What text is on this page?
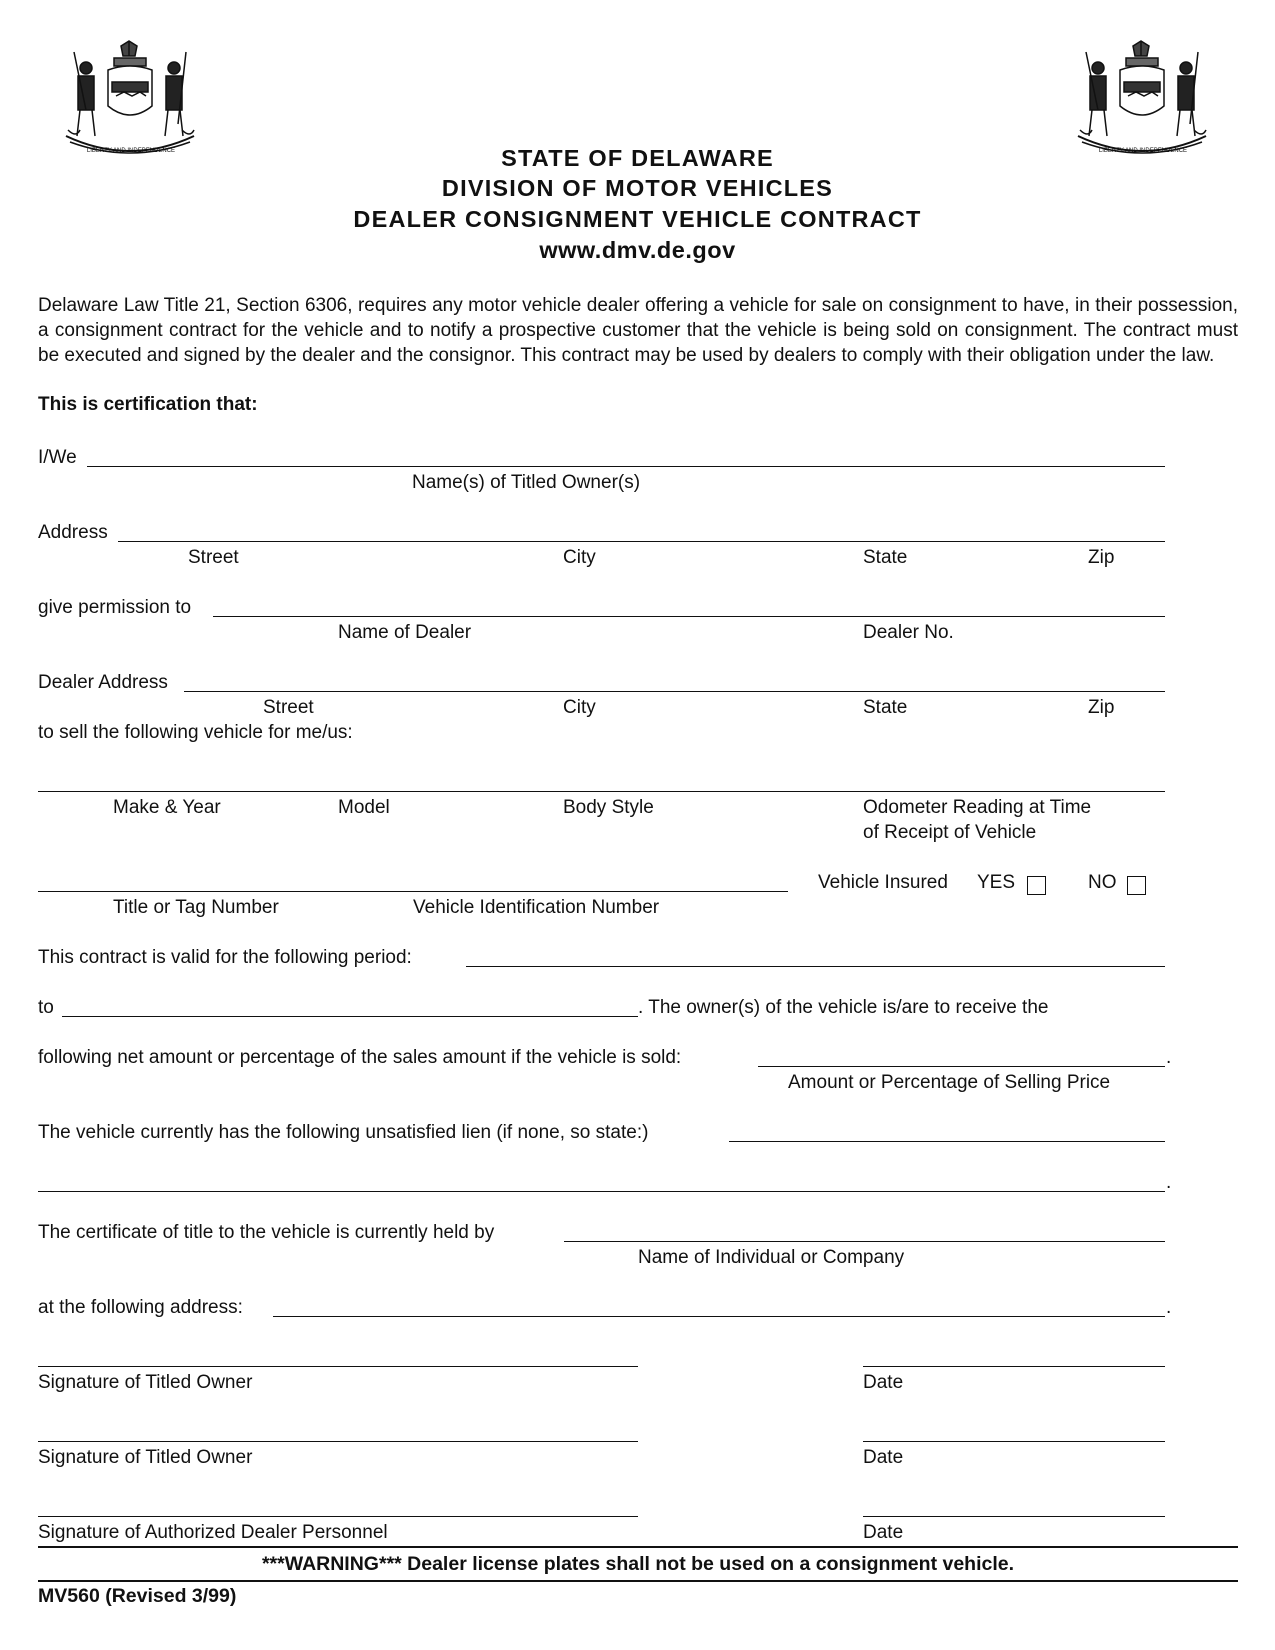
LIBERTY AND INDEPENDENCE	LIBERTY AND INDEPENDENCE
STATE OF DELAWARE
DIVISION OF MOTOR VEHICLES
DEALER CONSIGNMENT VEHICLE CONTRACT
www.dmv.de.gov
Delaware Law Title 21, Section 6306, requires any motor vehicle dealer offering a vehicle for sale on consignment to have, in their possession, a consignment contract for the vehicle and to notify a prospective customer that the vehicle is being sold on consignment. The contract must be executed and signed by the dealer and the consignor. This contract may be used by dealers to comply with their obligation under the law.
This is certification that:
I/We
Name(s) of Titled Owner(s)
Address
Street	City	State	Zip
give permission to
Name of Dealer	Dealer No.
Dealer Address
Street	City	State	Zip
to sell the following vehicle for me/us:
Make & Year	Model	Body Style	Odometer Reading at Time
of Receipt of Vehicle
Title or Tag Number	Vehicle Identification Number
Vehicle Insured YES	NO
This contract is valid for the following period:
to	. The owner(s) of the vehicle is/are to receive the
following net amount or percentage of the sales amount if the vehicle is sold:	.
Amount or Percentage of Selling Price
The vehicle currently has the following unsatisfied lien (if none, so state:)
.
The certificate of title to the vehicle is currently held by
Name of Individual or Company
at the following address:	.
Signature of Titled Owner	Date
Signature of Titled Owner	Date
Signature of Authorized Dealer Personnel	Date
***WARNING*** Dealer license plates shall not be used on a consignment vehicle.
MV560 (Revised 3/99)
